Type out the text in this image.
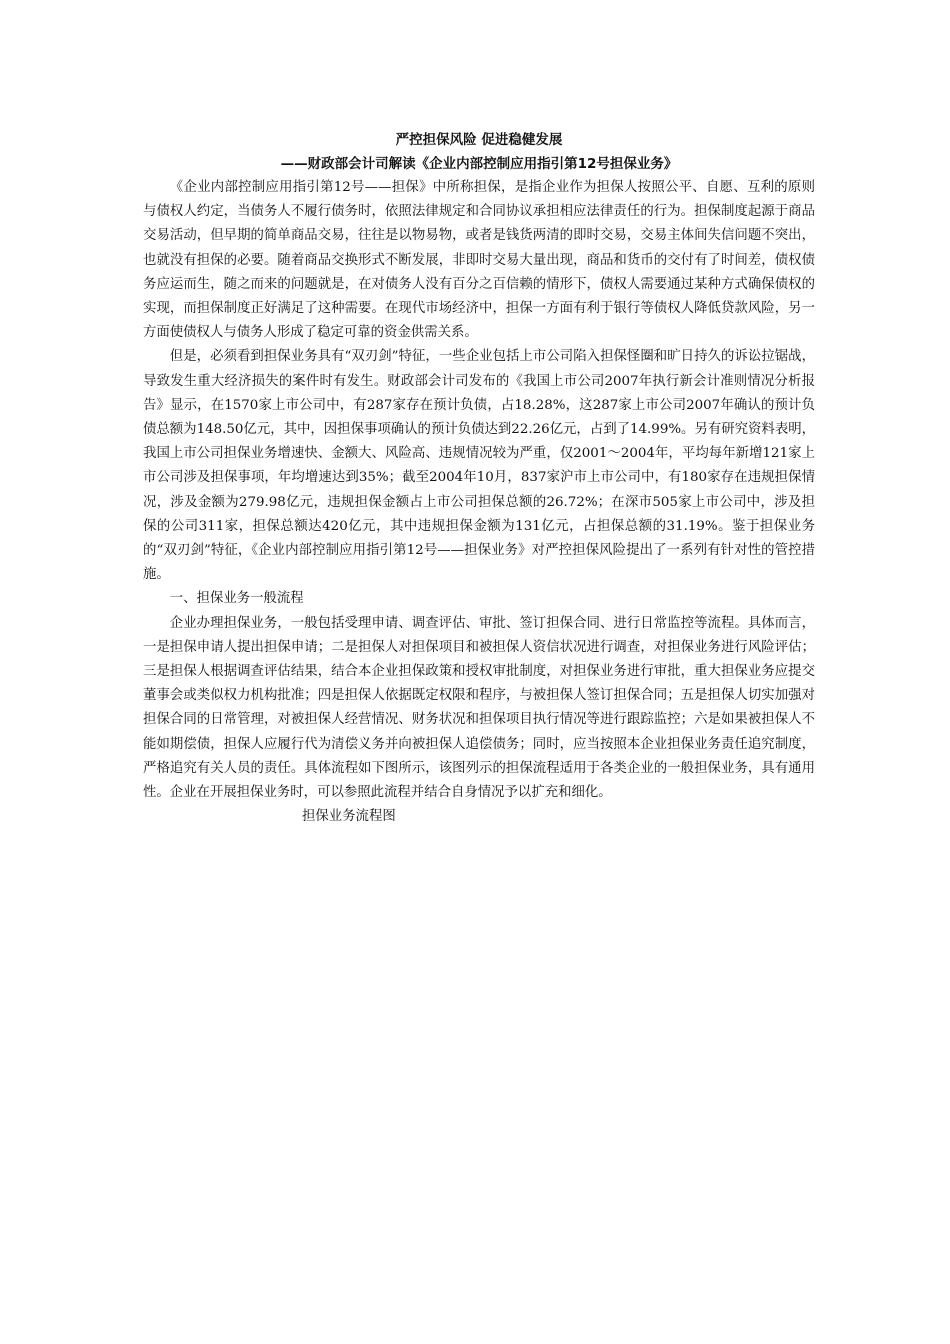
严控担保风险 促进稳健发展

——财政部会计司解读《企业内部控制应用指引第12号担保业务》

《企业内部控制应用指引第12号——担保》中所称担保，是指企业作为担保人按照公平、自愿、互利的原则与债权人约定，当债务人不履行债务时，依照法律规定和合同协议承担相应法律责任的行为。担保制度起源于商品交易活动，但早期的简单商品交易，往往是以物易物，或者是钱货两清的即时交易，交易主体间失信问题不突出，也就没有担保的必要。随着商品交换形式不断发展，非即时交易大量出现，商品和货币的交付有了时间差，债权债务应运而生，随之而来的问题就是，在对债务人没有百分之百信赖的情形下，债权人需要通过某种方式确保债权的实现，而担保制度正好满足了这种需要。在现代市场经济中，担保一方面有利于银行等债权人降低贷款风险，另一方面使债权人与债务人形成了稳定可靠的资金供需关系。

但是，必须看到担保业务具有“双刃剑”特征，一些企业包括上市公司陷入担保怪圈和旷日持久的诉讼拉锯战，导致发生重大经济损失的案件时有发生。财政部会计司发布的《我国上市公司2007年执行新会计准则情况分析报告》显示，在1570家上市公司中，有287家存在预计负债，占18.28%，这287家上市公司2007年确认的预计负债总额为148.50亿元，其中，因担保事项确认的预计负债达到22.26亿元，占到了14.99%。另有研究资料表明，我国上市公司担保业务增速快、金额大、风险高、违规情况较为严重，仅2001～2004年，平均每年新增121家上市公司涉及担保事项，年均增速达到35%；截至2004年10月，837家沪市上市公司中，有180家存在违规担保情况，涉及金额为279.98亿元，违规担保金额占上市公司担保总额的26.72%；在深市505家上市公司中，涉及担保的公司311家，担保总额达420亿元，其中违规担保金额为131亿元，占担保总额的31.19%。鉴于担保业务的“双刃剑”特征，《企业内部控制应用指引第12号——担保业务》对严控担保风险提出了一系列有针对性的管控措施。

一、担保业务一般流程

企业办理担保业务，一般包括受理申请、调查评估、审批、签订担保合同、进行日常监控等流程。具体而言，一是担保申请人提出担保申请；二是担保人对担保项目和被担保人资信状况进行调查，对担保业务进行风险评估；三是担保人根据调查评估结果，结合本企业担保政策和授权审批制度，对担保业务进行审批，重大担保业务应提交董事会或类似权力机构批准；四是担保人依据既定权限和程序，与被担保人签订担保合同；五是担保人切实加强对担保合同的日常管理，对被担保人经营情况、财务状况和担保项目执行情况等进行跟踪监控；六是如果被担保人不能如期偿债，担保人应履行代为清偿义务并向被担保人追偿债务；同时，应当按照本企业担保业务责任追究制度，严格追究有关人员的责任。具体流程如下图所示，该图列示的担保流程适用于各类企业的一般担保业务，具有通用性。企业在开展担保业务时，可以参照此流程并结合自身情况予以扩充和细化。

担保业务流程图
